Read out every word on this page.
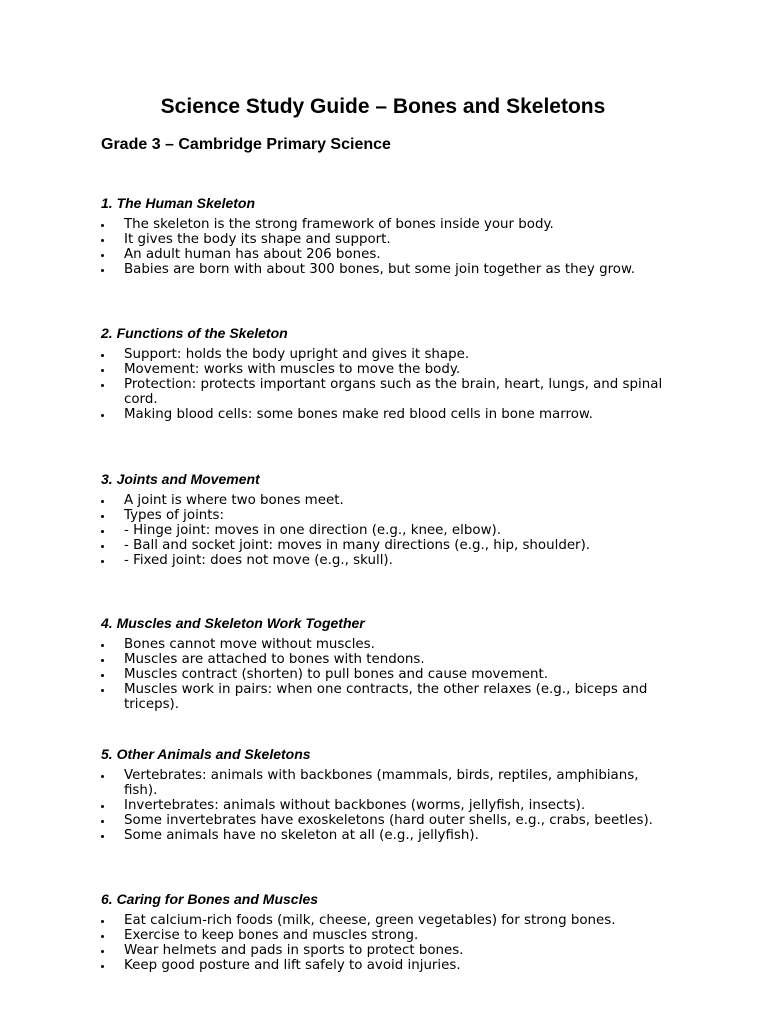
Science Study Guide – Bones and Skeletons
Grade 3 – Cambridge Primary Science
1. The Human Skeleton
The skeleton is the strong framework of bones inside your body.
It gives the body its shape and support.
An adult human has about 206 bones.
Babies are born with about 300 bones, but some join together as they grow.
2. Functions of the Skeleton
Support: holds the body upright and gives it shape.
Movement: works with muscles to move the body.
Protection: protects important organs such as the brain, heart, lungs, and spinal cord.
Making blood cells: some bones make red blood cells in bone marrow.
3. Joints and Movement
A joint is where two bones meet.
Types of joints:
- Hinge joint: moves in one direction (e.g., knee, elbow).
- Ball and socket joint: moves in many directions (e.g., hip, shoulder).
- Fixed joint: does not move (e.g., skull).
4. Muscles and Skeleton Work Together
Bones cannot move without muscles.
Muscles are attached to bones with tendons.
Muscles contract (shorten) to pull bones and cause movement.
Muscles work in pairs: when one contracts, the other relaxes (e.g., biceps and triceps).
5. Other Animals and Skeletons
Vertebrates: animals with backbones (mammals, birds, reptiles, amphibians, fish).
Invertebrates: animals without backbones (worms, jellyfish, insects).
Some invertebrates have exoskeletons (hard outer shells, e.g., crabs, beetles).
Some animals have no skeleton at all (e.g., jellyfish).
6. Caring for Bones and Muscles
Eat calcium-rich foods (milk, cheese, green vegetables) for strong bones.
Exercise to keep bones and muscles strong.
Wear helmets and pads in sports to protect bones.
Keep good posture and lift safely to avoid injuries.
